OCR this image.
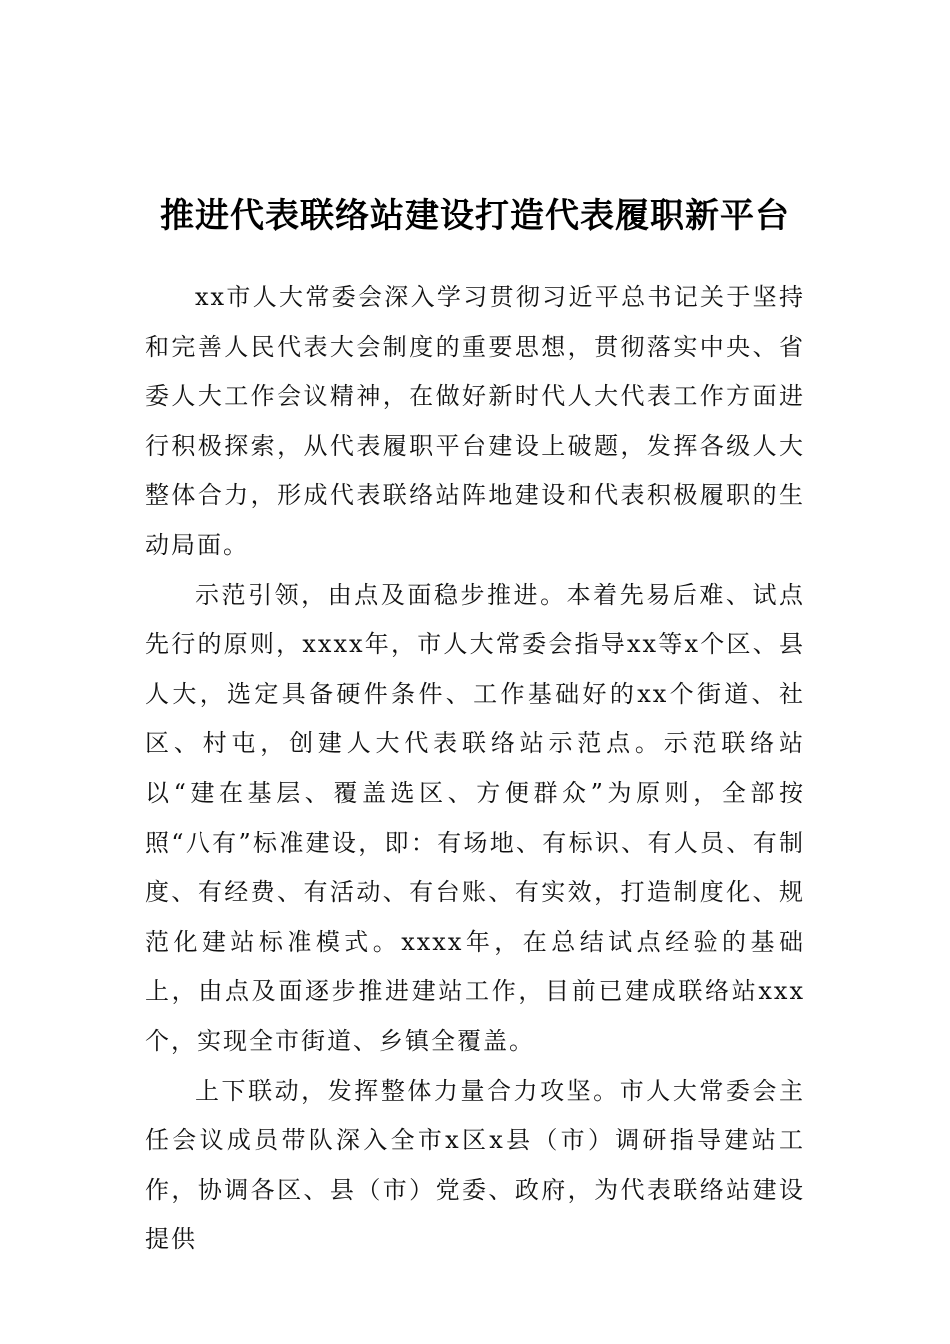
推进代表联络站建设打造代表履职新平台

xx市人大常委会深入学习贯彻习近平总书记关于坚持和完善人民代表大会制度的重要思想，贯彻落实中央、省委人大工作会议精神，在做好新时代人大代表工作方面进行积极探索，从代表履职平台建设上破题，发挥各级人大整体合力，形成代表联络站阵地建设和代表积极履职的生动局面。

示范引领，由点及面稳步推进。本着先易后难、试点先行的原则，xxxx年，市人大常委会指导xx等x个区、县人大，选定具备硬件条件、工作基础好的xx个街道、社区、村屯，创建人大代表联络站示范点。示范联络站以“建在基层、覆盖选区、方便群众”为原则，全部按照“八有”标准建设，即：有场地、有标识、有人员、有制度、有经费、有活动、有台账、有实效，打造制度化、规范化建站标准模式。xxxx年，在总结试点经验的基础上，由点及面逐步推进建站工作，目前已建成联络站xxx个，实现全市街道、乡镇全覆盖。

上下联动，发挥整体力量合力攻坚。市人大常委会主任会议成员带队深入全市x区x县（市）调研指导建站工作，协调各区、县（市）党委、政府，为代表联络站建设提供
